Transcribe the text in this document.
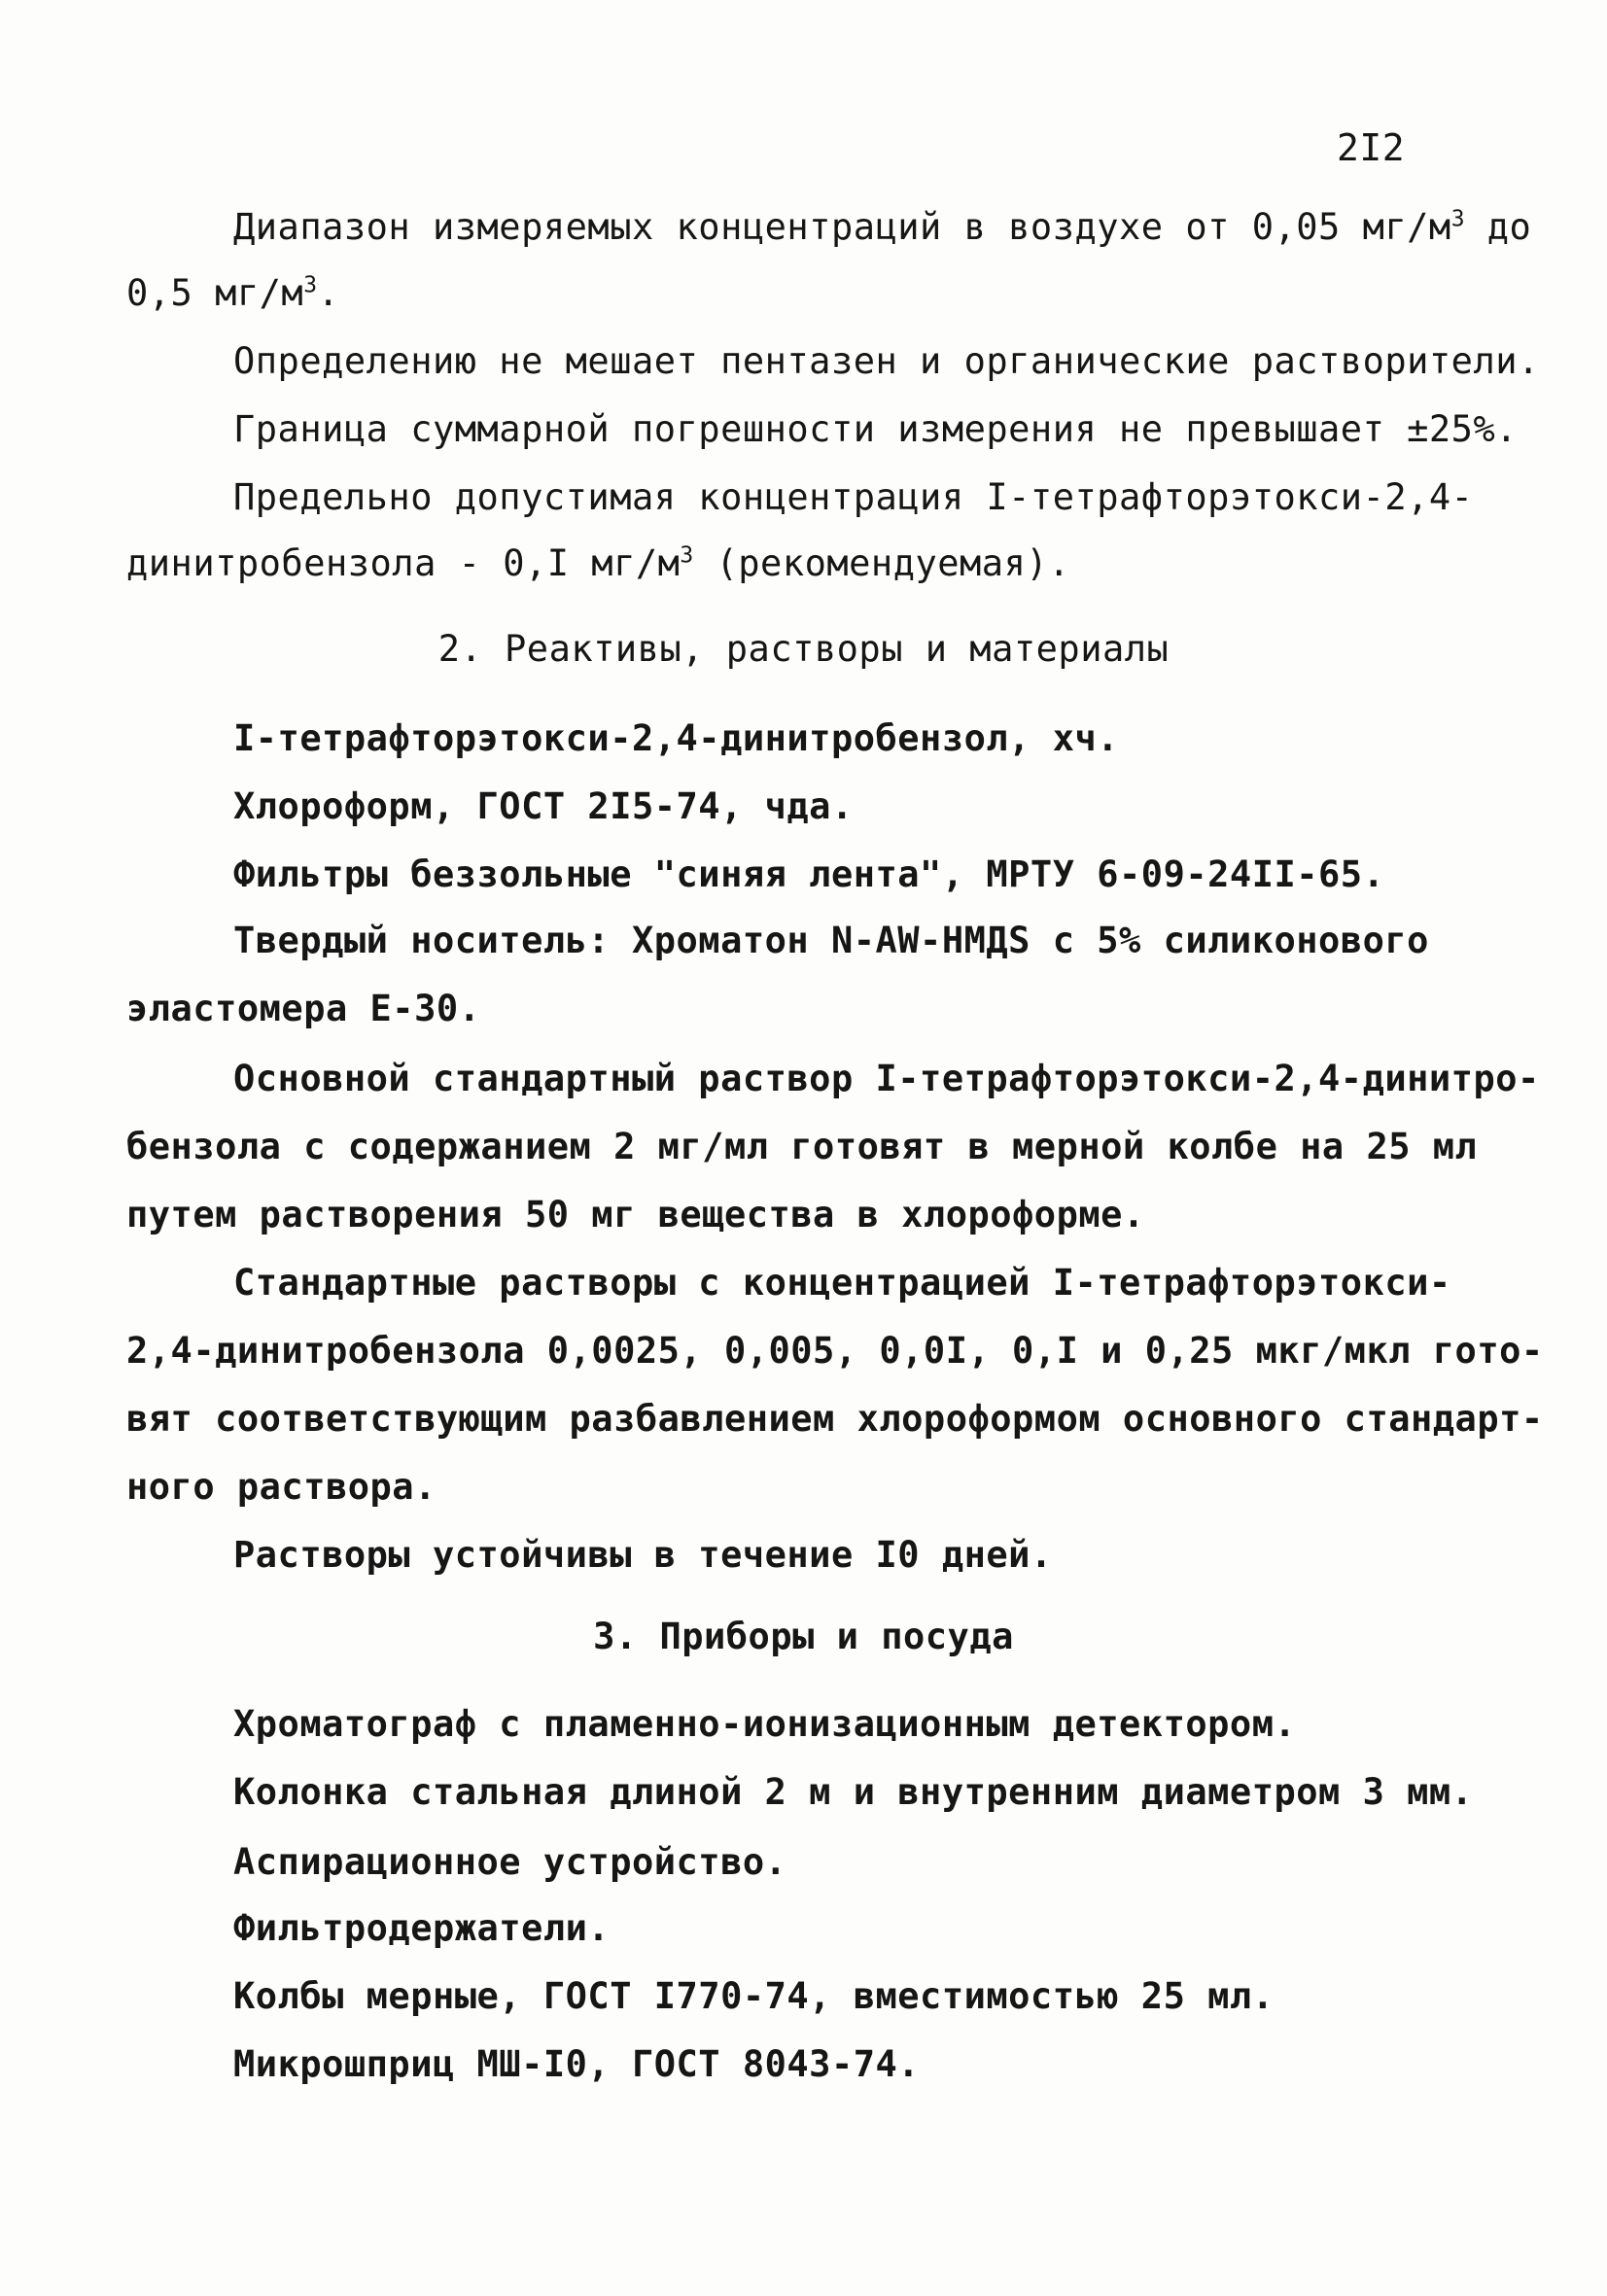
2I2
Диапазон измеряемых концентраций в воздухе от 0,05 $мг/м^3$ до
0,5 $мг/м^3$.
Определению не мешает пентазен и органические растворители.
Граница суммарной погрешности измерения не превышает ±25%.
Предельно допустимая концентрация I-тетрафторэтокси-2,4-
динитробензола - 0,I $мг/м^3$ (рекомендуемая).
2. Реактивы, растворы и материалы
I-тетрафторэтокси-2,4-динитробензол, хч.
Хлороформ, ГОСТ 2I5-74, чда.
Фильтры беззольные "синяя лента", МРТУ 6-09-24II-65.
Твердый носитель: Хроматон N-AW-HMДS с 5% силиконового
эластомера Е-30.
Основной стандартный раствор I-тетрафторэтокси-2,4-динитро-
бензола с содержанием 2 мг/мл готовят в мерной колбе на 25 мл
путем растворения 50 мг вещества в хлороформе.
Стандартные растворы с концентрацией I-тетрафторэтокси-
2,4-динитробензола 0,0025, 0,005, 0,0I, 0,I и 0,25 мкг/мкл гото-
вят соответствующим разбавлением хлороформом основного стандарт-
ного раствора.
Растворы устойчивы в течение I0 дней.
3. Приборы и посуда
Хроматограф с пламенно-ионизационным детектором.
Колонка стальная длиной 2 м и внутренним диаметром 3 мм.
Аспирационное устройство.
Фильтродержатели.
Колбы мерные, ГОСТ I770-74, вместимостью 25 мл.
Микрошприц МШ-I0, ГОСТ 8043-74.
